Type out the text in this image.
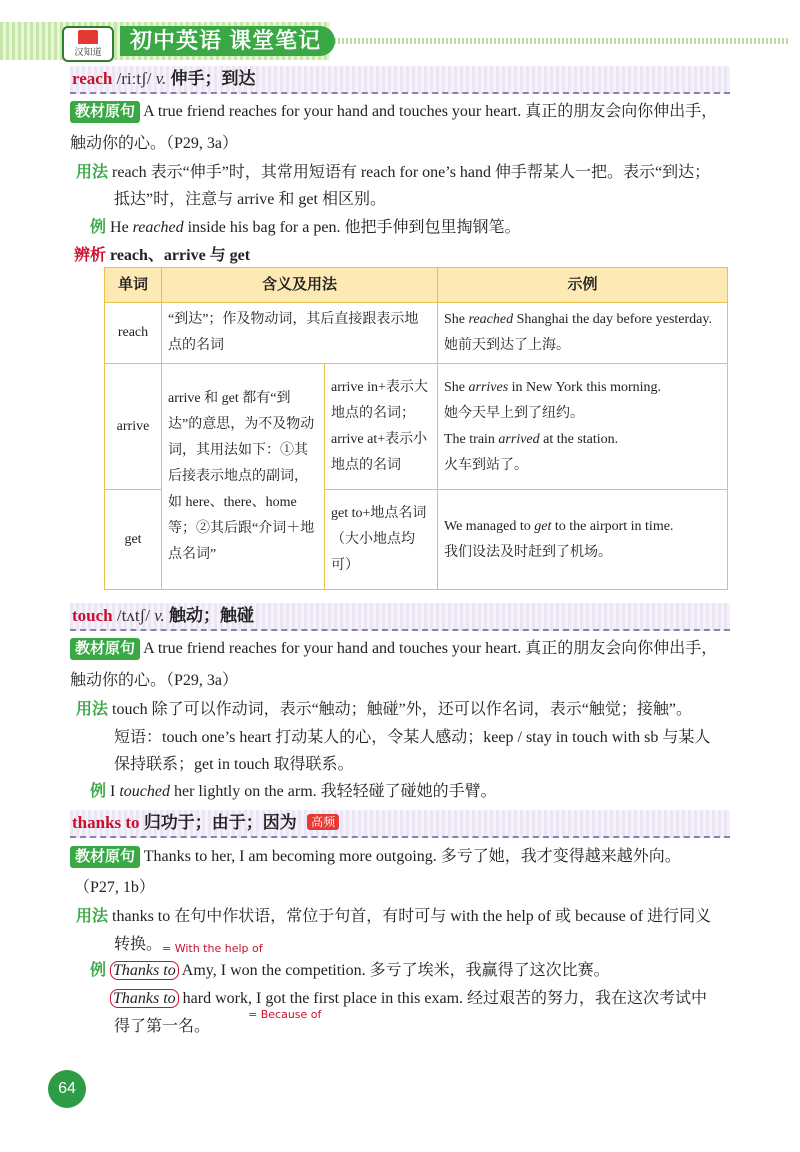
汉知道	初中英语 课堂笔记
reach /riːtʃ/ v. 伸手；到达
教材原句 A true friend reaches for your hand and touches your heart. 真正的朋友会向你伸出手，
触动你的心。（P29, 3a）
用法 reach 表示“伸手”时，其常用短语有 reach for one’s hand 伸手帮某人一把。表示“到达；
抵达”时，注意与 arrive 和 get 相区别。
例 He reached inside his bag for a pen. 他把手伸到包里掏钢笔。
辨析 reach、arrive 与 get
单词	含义及用法		示例
reach	“到达”；作及物动词，其后直接跟表示地点的名词		She reached Shanghai the day before yesterday.
她前天到达了上海。
arrive	arrive 和 get 都有“到达”的意思，为不及物动词，其用法如下：①其后接表示地点的副词，如 here、there、home 等；②其后跟“介词＋地点名词”	arrive in+表示大地点的名词；arrive at+表示小地点的名词	She arrives in New York this morning.
她今天早上到了纽约。
The train arrived at the station.
火车到站了。
get		get to+地点名词（大小地点均可）	We managed to get to the airport in time.
我们设法及时赶到了机场。
touch /tʌtʃ/ v. 触动；触碰
教材原句 A true friend reaches for your hand and touches your heart. 真正的朋友会向你伸出手，
触动你的心。（P29, 3a）
用法 touch 除了可以作动词，表示“触动；触碰”外，还可以作名词，表示“触觉；接触”。
短语：touch one’s heart 打动某人的心，令某人感动；keep / stay in touch with sb 与某人
保持联系；get in touch 取得联系。
例 I touched her lightly on the arm. 我轻轻碰了碰她的手臂。
thanks to 归功于；由于；因为 高频
教材原句 Thanks to her, I am becoming more outgoing. 多亏了她，我才变得越来越外向。
（P27, 1b）
用法 thanks to 在句中作状语，常位于句首，有时可与 with the help of 或 because of 进行同义
转换。 = With the help of
例 Thanks to Amy, I won the competition. 多亏了埃米，我赢得了这次比赛。
Thanks to hard work, I got the first place in this exam. 经过艰苦的努力，我在这次考试中
得了第一名。
= Because of
64
